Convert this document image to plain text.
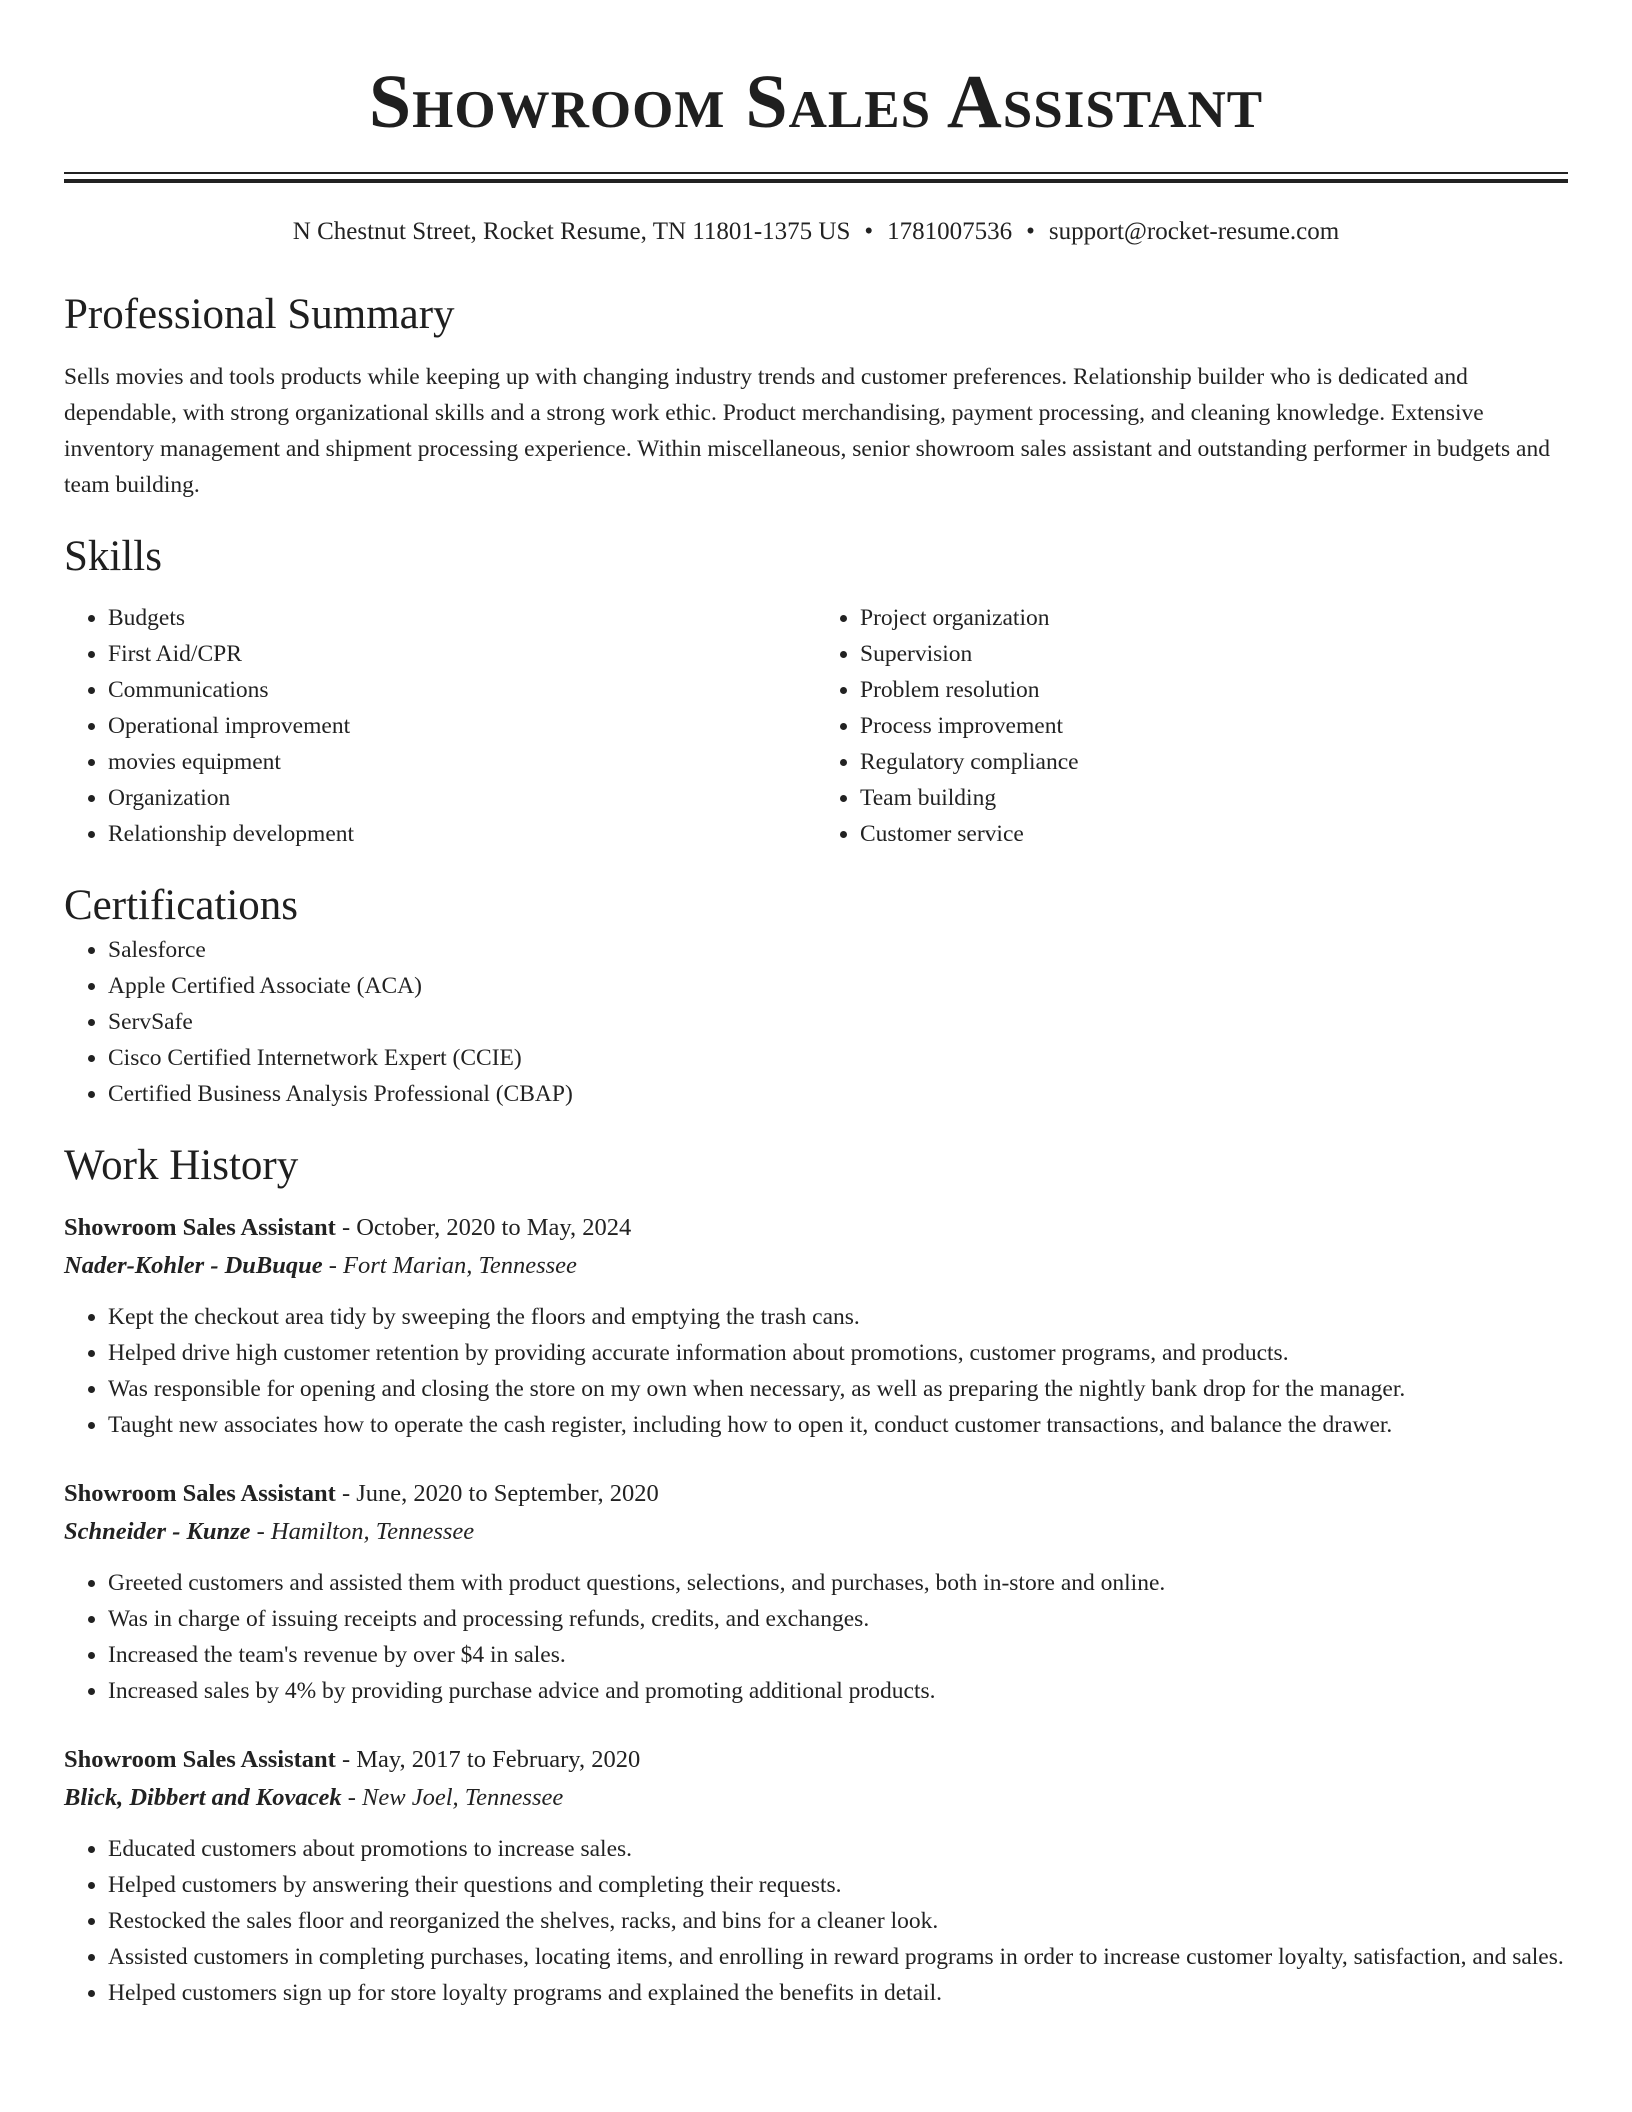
Showroom Sales Assistant
N Chestnut Street, Rocket Resume, TN 11801-1375 US • 1781007536 • support@rocket-resume.com
Professional Summary

Sells movies and tools products while keeping up with changing industry trends and customer preferences. Relationship builder who is dedicated and dependable, with strong organizational skills and a strong work ethic. Product merchandising, payment processing, and cleaning knowledge. Extensive inventory management and shipment processing experience. Within miscellaneous, senior showroom sales assistant and outstanding performer in budgets and team building.

Skills
• Budgets
• First Aid/CPR
• Communications
• Operational improvement
• movies equipment
• Organization
• Relationship development
• Project organization
• Supervision
• Problem resolution
• Process improvement
• Regulatory compliance
• Team building
• Customer service
Certifications
• Salesforce
• Apple Certified Associate (ACA)
• ServSafe
• Cisco Certified Internetwork Expert (CCIE)
• Certified Business Analysis Professional (CBAP)
Work History
Showroom Sales Assistant - October, 2020 to May, 2024
Nader-Kohler - DuBuque - Fort Marian, Tennessee
• Kept the checkout area tidy by sweeping the floors and emptying the trash cans.
• Helped drive high customer retention by providing accurate information about promotions, customer programs, and products.
• Was responsible for opening and closing the store on my own when necessary, as well as preparing the nightly bank drop for the manager.
• Taught new associates how to operate the cash register, including how to open it, conduct customer transactions, and balance the drawer.
Showroom Sales Assistant - June, 2020 to September, 2020
Schneider - Kunze - Hamilton, Tennessee
• Greeted customers and assisted them with product questions, selections, and purchases, both in-store and online.
• Was in charge of issuing receipts and processing refunds, credits, and exchanges.
• Increased the team's revenue by over $4 in sales.
• Increased sales by 4% by providing purchase advice and promoting additional products.
Showroom Sales Assistant - May, 2017 to February, 2020
Blick, Dibbert and Kovacek - New Joel, Tennessee
• Educated customers about promotions to increase sales.
• Helped customers by answering their questions and completing their requests.
• Restocked the sales floor and reorganized the shelves, racks, and bins for a cleaner look.
• Assisted customers in completing purchases, locating items, and enrolling in reward programs in order to increase customer loyalty, satisfaction, and sales.
• Helped customers sign up for store loyalty programs and explained the benefits in detail.
